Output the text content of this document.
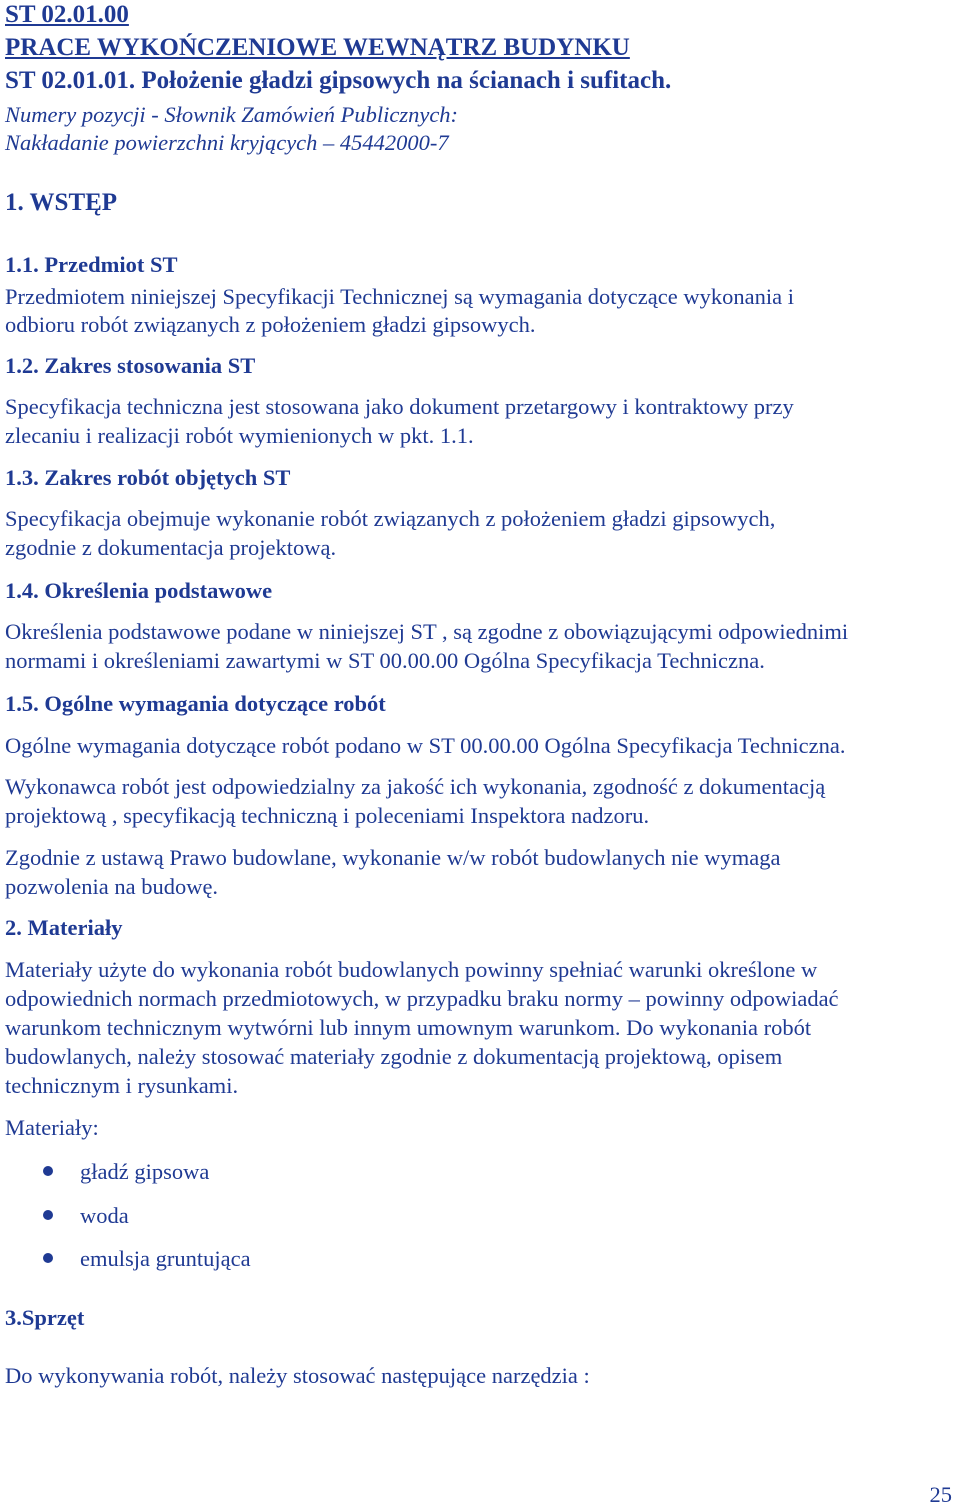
ST 02.01.00
PRACE WYKOŃCZENIOWE WEWNĄTRZ BUDYNKU
ST 02.01.01. Położenie gładzi gipsowych na ścianach i sufitach.
Numery pozycji - Słownik Zamówień Publicznych:
Nakładanie powierzchni kryjących – 45442000-7
1. WSTĘP
1.1. Przedmiot ST
Przedmiotem niniejszej Specyfikacji Technicznej są wymagania dotyczące wykonania i
odbioru robót związanych z położeniem gładzi gipsowych.
1.2. Zakres stosowania ST
Specyfikacja techniczna jest stosowana jako dokument przetargowy i kontraktowy przy
zlecaniu i realizacji robót wymienionych w pkt. 1.1.
1.3. Zakres robót objętych ST
Specyfikacja obejmuje wykonanie robót związanych z położeniem gładzi gipsowych,
zgodnie z dokumentacja projektową.
1.4. Określenia podstawowe
Określenia podstawowe podane w niniejszej ST , są zgodne z obowiązującymi odpowiednimi
normami i określeniami zawartymi w ST 00.00.00 Ogólna Specyfikacja Techniczna.
1.5. Ogólne wymagania dotyczące robót
Ogólne wymagania dotyczące robót podano w ST 00.00.00 Ogólna Specyfikacja Techniczna.
Wykonawca robót jest odpowiedzialny za jakość ich wykonania, zgodność z dokumentacją
projektową , specyfikacją techniczną i poleceniami Inspektora nadzoru.
Zgodnie z ustawą Prawo budowlane, wykonanie w/w robót budowlanych nie wymaga
pozwolenia na budowę.
2. Materiały
Materiały użyte do wykonania robót budowlanych powinny spełniać warunki określone w
odpowiednich normach przedmiotowych, w przypadku braku normy – powinny odpowiadać
warunkom technicznym wytwórni lub innym umownym warunkom. Do wykonania robót
budowlanych, należy stosować materiały zgodnie z dokumentacją projektową, opisem
technicznym i rysunkami.
Materiały:
gładź gipsowa
woda
emulsja gruntująca
3.Sprzęt
Do wykonywania robót, należy stosować następujące narzędzia :
25
